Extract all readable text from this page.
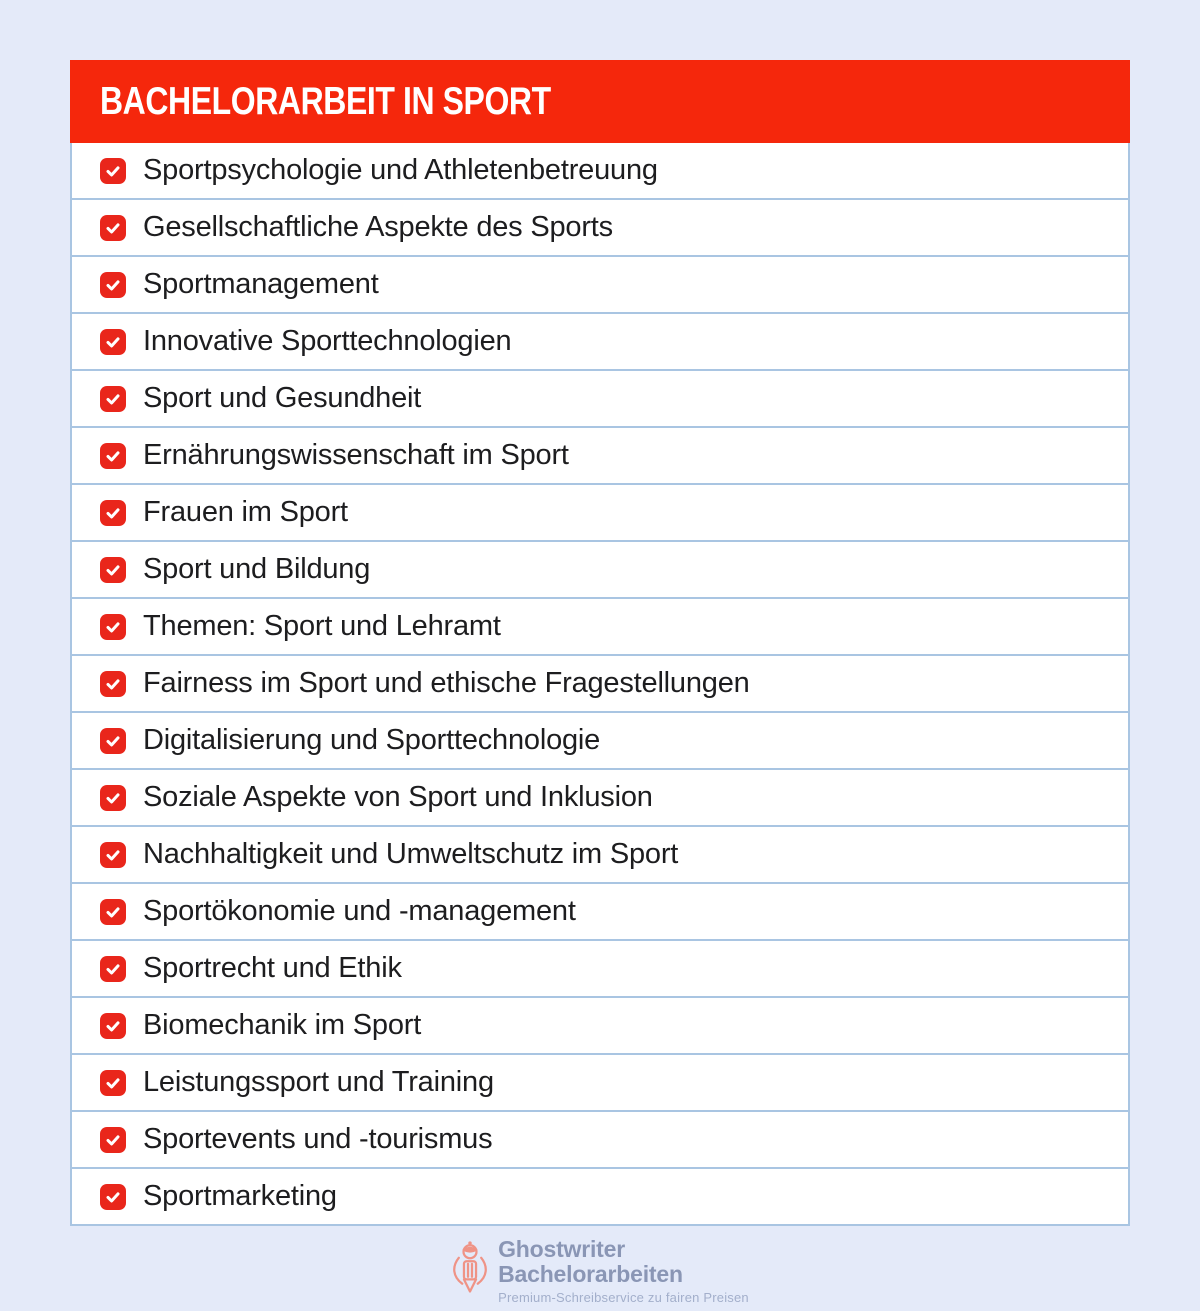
BACHELORARBEIT IN SPORT
Sportpsychologie und Athletenbetreuung
Gesellschaftliche Aspekte des Sports
Sportmanagement
Innovative Sporttechnologien
Sport und Gesundheit
Ernährungswissenschaft im Sport
Frauen im Sport
Sport und Bildung
Themen: Sport und Lehramt
Fairness im Sport und ethische Fragestellungen
Digitalisierung und Sporttechnologie
Soziale Aspekte von Sport und Inklusion
Nachhaltigkeit und Umweltschutz im Sport
Sportökonomie und -management
Sportrecht und Ethik
Biomechanik im Sport
Leistungssport und Training
Sportevents und -tourismus
Sportmarketing
Ghostwriter
Bachelorarbeiten
Premium-Schreibservice zu fairen Preisen
